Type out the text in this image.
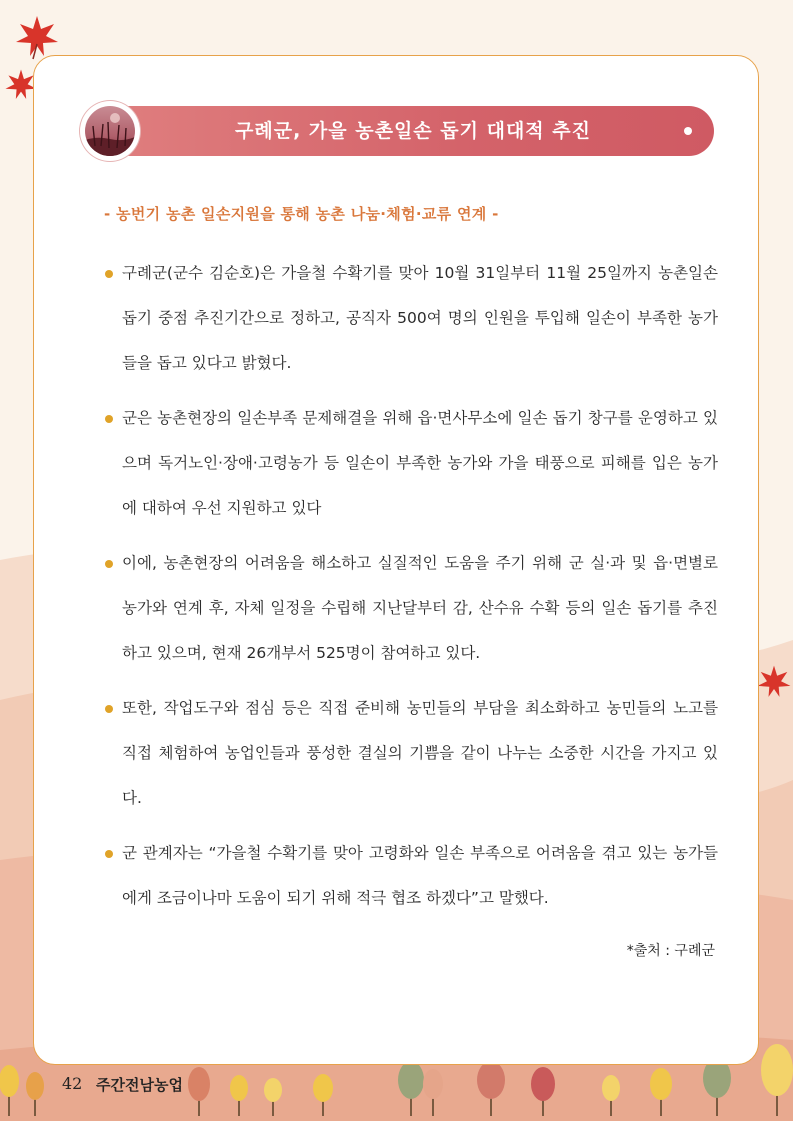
구례군, 가을 농촌일손 돕기 대대적 추진
- 농번기 농촌 일손지원을 통해 농촌 나눔·체험·교류 연계 -
구례군(군수 김순호)은 가을철 수확기를 맞아 10월 31일부터 11월 25일까지 농촌일손 돕기 중점 추진기간으로 정하고, 공직자 500여 명의 인원을 투입해 일손이 부족한 농가들을 돕고 있다고 밝혔다.
군은 농촌현장의 일손부족 문제해결을 위해 읍·면사무소에 일손 돕기 창구를 운영하고 있으며 독거노인·장애·고령농가 등 일손이 부족한 농가와 가을 태풍으로 피해를 입은 농가에 대하여 우선 지원하고 있다
이에, 농촌현장의 어려움을 해소하고 실질적인 도움을 주기 위해 군 실·과 및 읍·면별로 농가와 연계 후, 자체 일정을 수립해 지난달부터 감, 산수유 수확 등의 일손 돕기를 추진하고 있으며, 현재 26개부서 525명이 참여하고 있다.
또한, 작업도구와 점심 등은 직접 준비해 농민들의 부담을 최소화하고 농민들의 노고를 직접 체험하여 농업인들과 풍성한 결실의 기쁨을 같이 나누는 소중한 시간을 가지고 있다.
군 관계자는 “가을철 수확기를 맞아 고령화와 일손 부족으로 어려움을 겪고 있는 농가들에게 조금이나마 도움이 되기 위해 적극 협조 하겠다”고 말했다.
*출처 : 구례군
42 주간전남농업
